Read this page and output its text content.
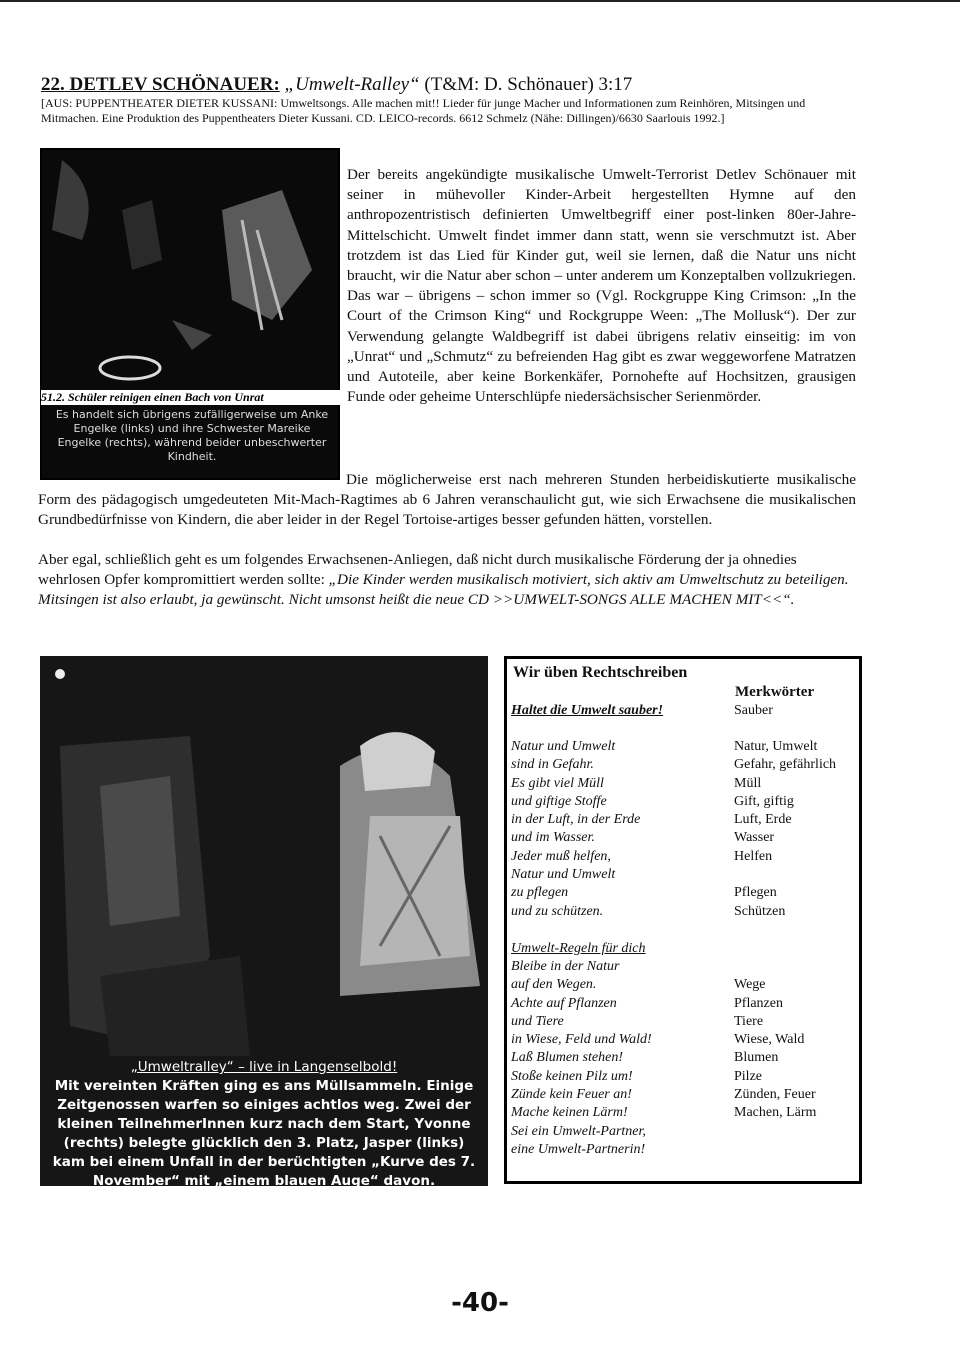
22. DETLEV SCHÖNAUER: „Umwelt-Ralley“ (T&M: D. Schönauer) 3:17
[AUS: PUPPENTHEATER DIETER KUSSANI: Umweltsongs. Alle machen mit!! Lieder für junge Macher und Informationen zum Reinhören, Mitsingen und Mitmachen. Eine Produktion des Puppentheaters Dieter Kussani. CD. LEICO-records. 6612 Schmelz (Nähe: Dillingen)/6630 Saarlouis 1992.]
51.2. Schüler reinigen einen Bach von Unrat
Es handelt sich übrigens zufälligerweise um Anke Engelke (links) und ihre Schwester Mareike Engelke (rechts), während beider unbeschwerter Kindheit.
Der bereits angekündigte musikalische Umwelt-Terrorist Detlev Schönauer mit seiner in mühevoller Kinder-Arbeit hergestellten Hymne auf den anthropozentristisch definierten Umweltbegriff einer post-linken 80er-Jahre-Mittelschicht. Umwelt findet immer dann statt, wenn sie verschmutzt ist. Aber trotzdem ist das Lied für Kinder gut, weil sie lernen, daß die Natur uns nicht braucht, wir die Natur aber schon – unter anderem um Konzeptalben vollzukriegen. Das war – übrigens – schon immer so (Vgl. Rockgruppe King Crimson: „In the Court of the Crimson King“ und Rockgruppe Ween: „The Mollusk“). Der zur Verwendung gelangte Waldbegriff ist dabei übrigens relativ einseitig: im von „Unrat“ und „Schmutz“ zu befreienden Hag gibt es zwar weggeworfene Matratzen und Autoteile, aber keine Borkenkäfer, Pornohefte auf Hochsitzen, grausigen Funde oder geheime Unterschlüpfe niedersächsischer Serienmörder.
Die möglicherweise erst nach mehreren Stunden herbeidiskutierte musikalische Form des pädagogisch umgedeuteten Mit-Mach-Ragtimes ab 6 Jahren veranschaulicht gut, wie sich Erwachsene die musikalischen Grundbedürfnisse von Kindern, die aber leider in der Regel Tortoise-artiges besser gefunden hätten, vorstellen.
Aber egal, schließlich geht es um folgendes Erwachsenen-Anliegen, daß nicht durch musikalische Förderung der ja ohnedies wehrlosen Opfer kompromittiert werden sollte: „Die Kinder werden musikalisch motiviert, sich aktiv am Umweltschutz zu beteiligen. Mitsingen ist also erlaubt, ja gewünscht. Nicht umsonst heißt die neue CD >>UMWELT-SONGS ALLE MACHEN MIT<<“.
„Umweltralley“ – live in Langenselbold!
Mit vereinten Kräften ging es ans Müllsammeln. Einige Zeitgenossen warfen so einiges achtlos weg. Zwei der kleinen TeilnehmerInnen kurz nach dem Start, Yvonne (rechts) belegte glücklich den 3. Platz, Jasper (links) kam bei einem Unfall in der berüchtigten „Kurve des 7. November“ mit „einem blauen Auge“ davon.
Wir üben Rechtschreiben
Merkwörter
Haltet die Umwelt sauber!	Sauber
Natur und Umwelt
sind in Gefahr.
Es gibt viel Müll
und giftige Stoffe
in der Luft, in der Erde
und im Wasser.
Jeder muß helfen,
Natur und Umwelt
zu pflegen
und zu schützen.
Natur, Umwelt
Gefahr, gefährlich
Müll
Gift, giftig
Luft, Erde
Wasser
Helfen

Pflegen
Schützen
Umwelt-Regeln für dich
Bleibe in der Natur
auf den Wegen.
Achte auf Pflanzen
und Tiere
in Wiese, Feld und Wald!
Laß Blumen stehen!
Stoße keinen Pilz um!
Zünde kein Feuer an!
Mache keinen Lärm!
Sei ein Umwelt-Partner,
eine Umwelt-Partnerin!

Wege
Pflanzen
Tiere
Wiese, Wald
Blumen
Pilze
Zünden, Feuer
Machen, Lärm
-40-
